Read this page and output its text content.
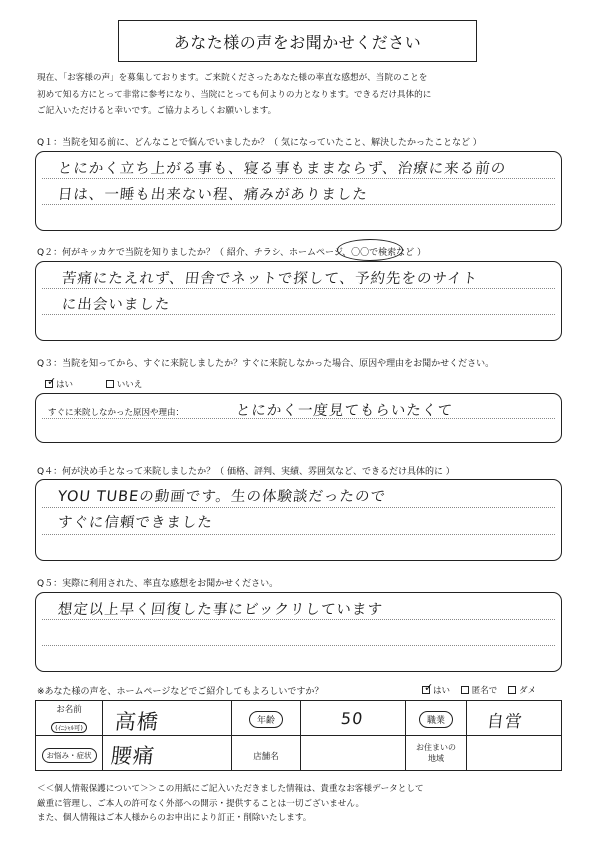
あなた様の声をお聞かせください
現在、「お客様の声」を募集しております。ご来院くださったあなた様の率直な感想が、当院のことを
初めて知る方にとって非常に参考になり、当院にとっても何よりの力となります。できるだけ具体的に
ご記入いただけると幸いです。ご協力よろしくお願いします。
Q１：当院を知る前に、どんなことで悩んでいましたか？（ 気になっていたこと、解決したかったことなど ）
とにかく立ち上がる事も、寝る事もままならず、治療に来る前の
日は、一睡も出来ない程、痛みがありました
Q２：何がキッカケで当院を知りましたか？（ 紹介、チラシ、ホームページ、〇〇で検索など ）
苦痛にたえれず、田舎でネットで探して、予約先をのサイト
に出会いました
Q３：当院を知ってから、すぐに来院しましたか？すぐに来院しなかった場合、原因や理由をお聞かせください。
✓ はい	いいえ
すぐに来院しなかった原因や理由：	とにかく一度見てもらいたくて
Q４：何が決め手となって来院しましたか？（ 価格、評判、実績、雰囲気など、できるだけ具体的に ）
YOU TUBEの動画です。生の体験談だったので
すぐに信頼できました
Q５：実際に利用された、率直な感想をお聞かせください。
想定以上早く回復した事にビックリしています
※あなた様の声を、ホームページなどでご紹介してもよろしいですか？	✓ はい	匿名で	ダメ
お名前
(ｲﾆｼｬﾙ可)	高橋	年齢	50	職業	自営

お悩み・症状	腰痛	店舗名		お住まいの
地域	

＜＜個人情報保護について＞＞この用紙にご記入いただきました情報は、貴重なお客様データとして
厳重に管理し、ご本人の許可なく外部への開示・提供することは一切ございません。
また、個人情報はご本人様からのお申出により訂正・削除いたします。
